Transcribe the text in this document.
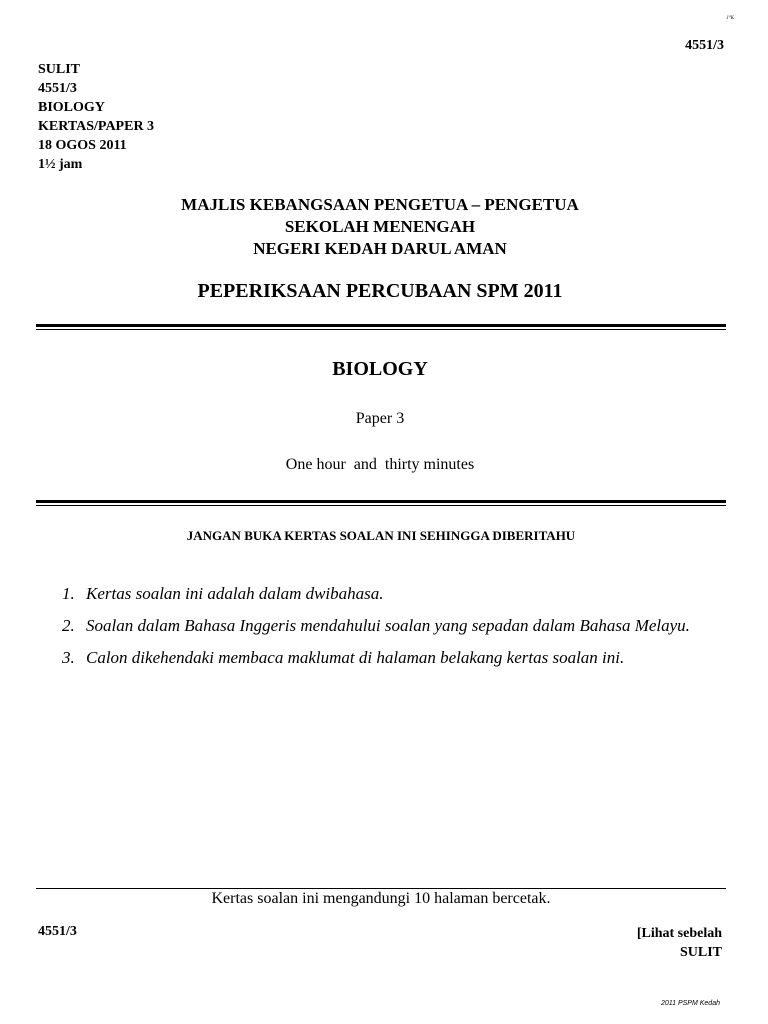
ᴶ'ᴷ
4551/3
SULIT
4551/3
BIOLOGY
KERTAS/PAPER 3
18 OGOS 2011
1½ jam
MAJLIS KEBANGSAAN PENGETUA – PENGETUA
SEKOLAH MENENGAH
NEGERI KEDAH DARUL AMAN
PEPERIKSAAN PERCUBAAN SPM 2011
BIOLOGY
Paper 3
One hour  and  thirty minutes
JANGAN BUKA KERTAS SOALAN INI SEHINGGA DIBERITAHU
1. Kertas soalan ini adalah dalam dwibahasa.
2. Soalan dalam Bahasa Inggeris mendahului soalan yang sepadan dalam Bahasa Melayu.
3. Calon dikehendaki membaca maklumat di halaman belakang kertas soalan ini.
Kertas soalan ini mengandungi 10 halaman bercetak.
4551/3	[Lihat sebelah
SULIT
2011 PSPM Kedah
